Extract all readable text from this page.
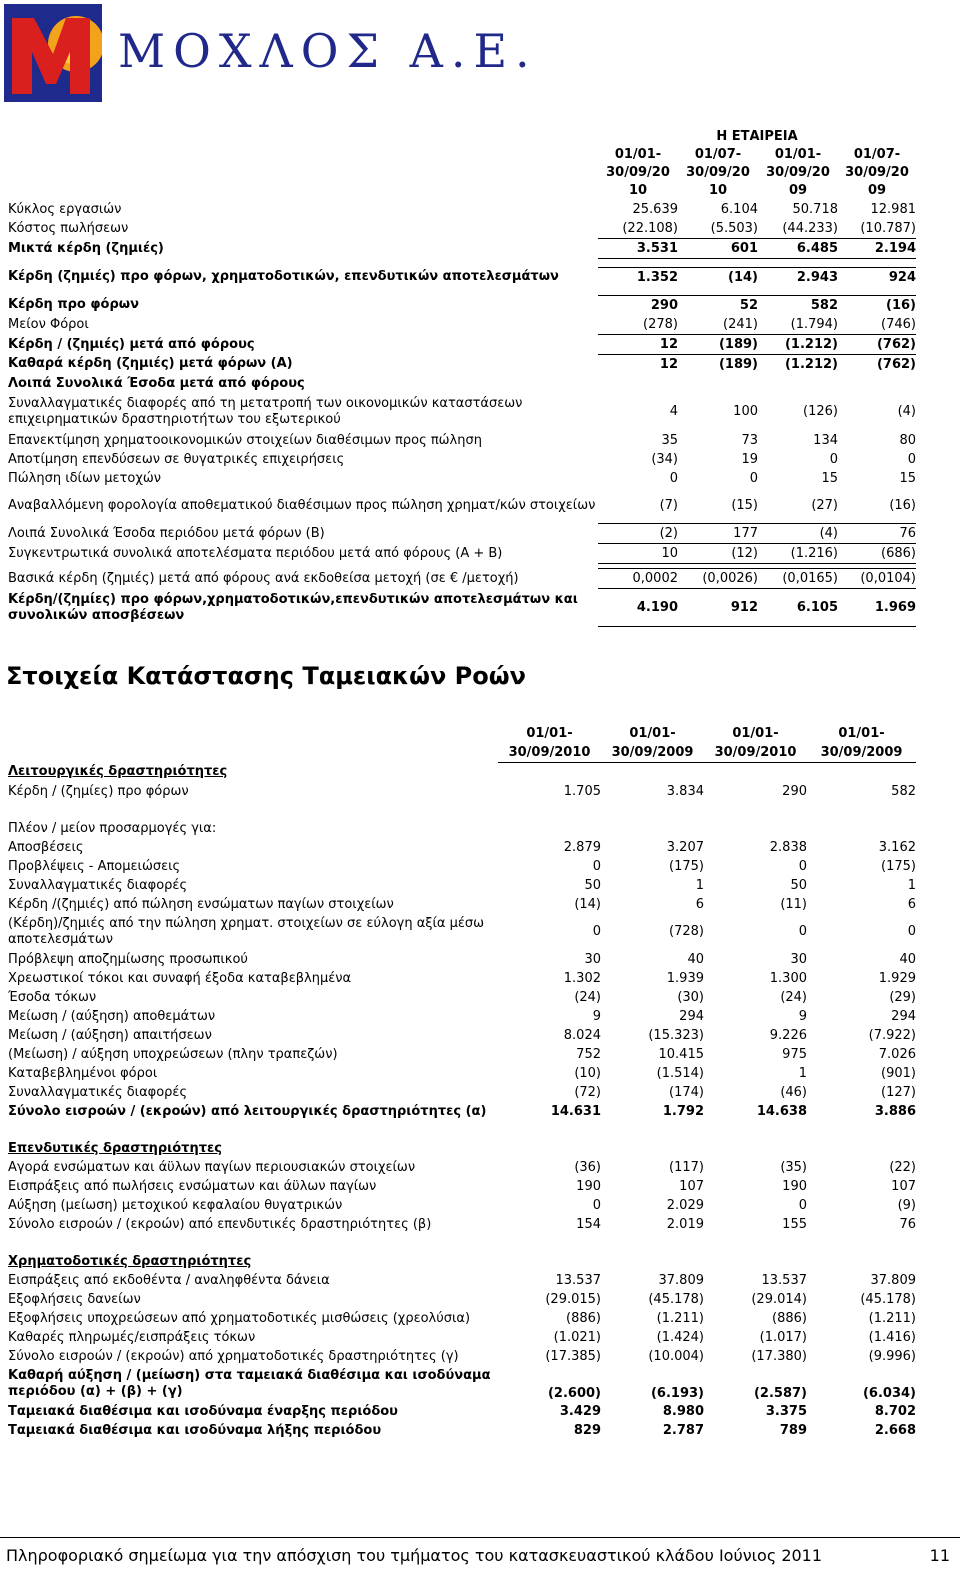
ΜΟΧΛΟΣ Α.Ε.
	Η ΕΤΑΙΡΕΙΑ			
	01/01-	01/07-	01/01-	01/07-
	30/09/20	30/09/20	30/09/20	30/09/20
	10	10	09	09
Κύκλος εργασιών	25.639	6.104	50.718	12.981
Κόστος πωλήσεων	(22.108)	(5.503)	(44.233)	(10.787)
Μικτά κέρδη (ζημιές)	3.531	601	6.485	2.194

Κέρδη (ζημιές) προ φόρων, χρηματοδοτικών, επενδυτικών αποτελεσμάτων	1.352	(14)	2.943	924

Κέρδη προ φόρων	290	52	582	(16)
Μείον Φόροι	(278)	(241)	(1.794)	(746)
Κέρδη / (ζημιές) μετά από φόρους	12	(189)	(1.212)	(762)
Καθαρά κέρδη (ζημιές) μετά φόρων (Α)	12	(189)	(1.212)	(762)
Λοιπά Συνολικά Έσοδα μετά από φόρους				
Συναλλαγματικές διαφορές από τη μετατροπή των οικονομικών καταστάσεων επιχειρηματικών δραστηριοτήτων του εξωτερικού	4	100	(126)	(4)
Επανεκτίμηση χρηματοοικονομικών στοιχείων διαθέσιμων προς πώληση	35	73	134	80
Αποτίμηση επενδύσεων σε θυγατρικές επιχειρήσεις	(34)	19	0	0
Πώληση ιδίων μετοχών	0	0	15	15

Αναβαλλόμενη φορολογία αποθεματικού διαθέσιμων προς πώληση χρηματ/κών στοιχείων	(7)	(15)	(27)	(16)

Λοιπά Συνολικά Έσοδα περιόδου μετά φόρων (Β)	(2)	177	(4)	76
Συγκεντρωτικά συνολικά αποτελέσματα περιόδου μετά από φόρους (Α + Β)	10	(12)	(1.216)	(686)

Βασικά κέρδη (ζημιές) μετά από φόρους ανά εκδοθείσα μετοχή (σε € /μετοχή)	0,0002	(0,0026)	(0,0165)	(0,0104)
Κέρδη/(ζημίες) προ φόρων,χρηματοδοτικών,επενδυτικών αποτελεσμάτων και συνολικών αποσβέσεων	4.190	912	6.105	1.969
Στοιχεία Κατάστασης Ταμειακών Ροών
	01/01-	01/01-	01/01-	01/01-
	30/09/2010	30/09/2009	30/09/2010	30/09/2009
Λειτουργικές δραστηριότητες				
Κέρδη / (ζημίες) προ φόρων	1.705	3.834	290	582

Πλέον / μείον προσαρμογές για:				
Αποσβέσεις	2.879	3.207	2.838	3.162
Προβλέψεις - Απομειώσεις	0	(175)	0	(175)
Συναλλαγματικές διαφορές	50	1	50	1
Κέρδη /(ζημιές) από πώληση ενσώματων παγίων στοιχείων	(14)	6	(11)	6
(Κέρδη)/ζημιές από την πώληση χρηματ. στοιχείων σε εύλογη αξία μέσω αποτελεσμάτων	0	(728)	0	0
Πρόβλεψη αποζημίωσης προσωπικού	30	40	30	40
Χρεωστικοί τόκοι και συναφή έξοδα καταβεβλημένα	1.302	1.939	1.300	1.929
Έσοδα τόκων	(24)	(30)	(24)	(29)
Μείωση / (αύξηση) αποθεμάτων	9	294	9	294
Μείωση / (αύξηση) απαιτήσεων	8.024	(15.323)	9.226	(7.922)
(Μείωση) / αύξηση υποχρεώσεων (πλην τραπεζών)	752	10.415	975	7.026
Καταβεβλημένοι φόροι	(10)	(1.514)	1	(901)
Συναλλαγματικές διαφορές	(72)	(174)	(46)	(127)
Σύνολο εισροών / (εκροών) από λειτουργικές δραστηριότητες (α)	14.631	1.792	14.638	3.886

Επενδυτικές δραστηριότητες				
Αγορά ενσώματων και άϋλων παγίων περιουσιακών στοιχείων	(36)	(117)	(35)	(22)
Εισπράξεις από πωλήσεις ενσώματων και άϋλων παγίων	190	107	190	107
Αύξηση (μείωση) μετοχικού κεφαλαίου θυγατρικών	0	2.029	0	(9)
Σύνολο εισροών / (εκροών) από επενδυτικές δραστηριότητες (β)	154	2.019	155	76

Χρηματοδοτικές δραστηριότητες				
Εισπράξεις από εκδοθέντα / αναληφθέντα δάνεια	13.537	37.809	13.537	37.809
Εξοφλήσεις δανείων	(29.015)	(45.178)	(29.014)	(45.178)
Εξοφλήσεις υποχρεώσεων από χρηματοδοτικές μισθώσεις (χρεολύσια)	(886)	(1.211)	(886)	(1.211)
Καθαρές πληρωμές/εισπράξεις τόκων	(1.021)	(1.424)	(1.017)	(1.416)
Σύνολο εισροών / (εκροών) από χρηματοδοτικές δραστηριότητες (γ)	(17.385)	(10.004)	(17.380)	(9.996)
Καθαρή αύξηση / (μείωση) στα ταμειακά διαθέσιμα και ισοδύναμα περιόδου (α) + (β) + (γ)	(2.600)	(6.193)	(2.587)	(6.034)
Ταμειακά διαθέσιμα και ισοδύναμα έναρξης περιόδου	3.429	8.980	3.375	8.702
Ταμειακά διαθέσιμα και ισοδύναμα λήξης περιόδου	829	2.787	789	2.668
Πληροφοριακό σημείωμα για την απόσχιση του τμήματος του κατασκευαστικού κλάδου Ιούνιος 2011	11
